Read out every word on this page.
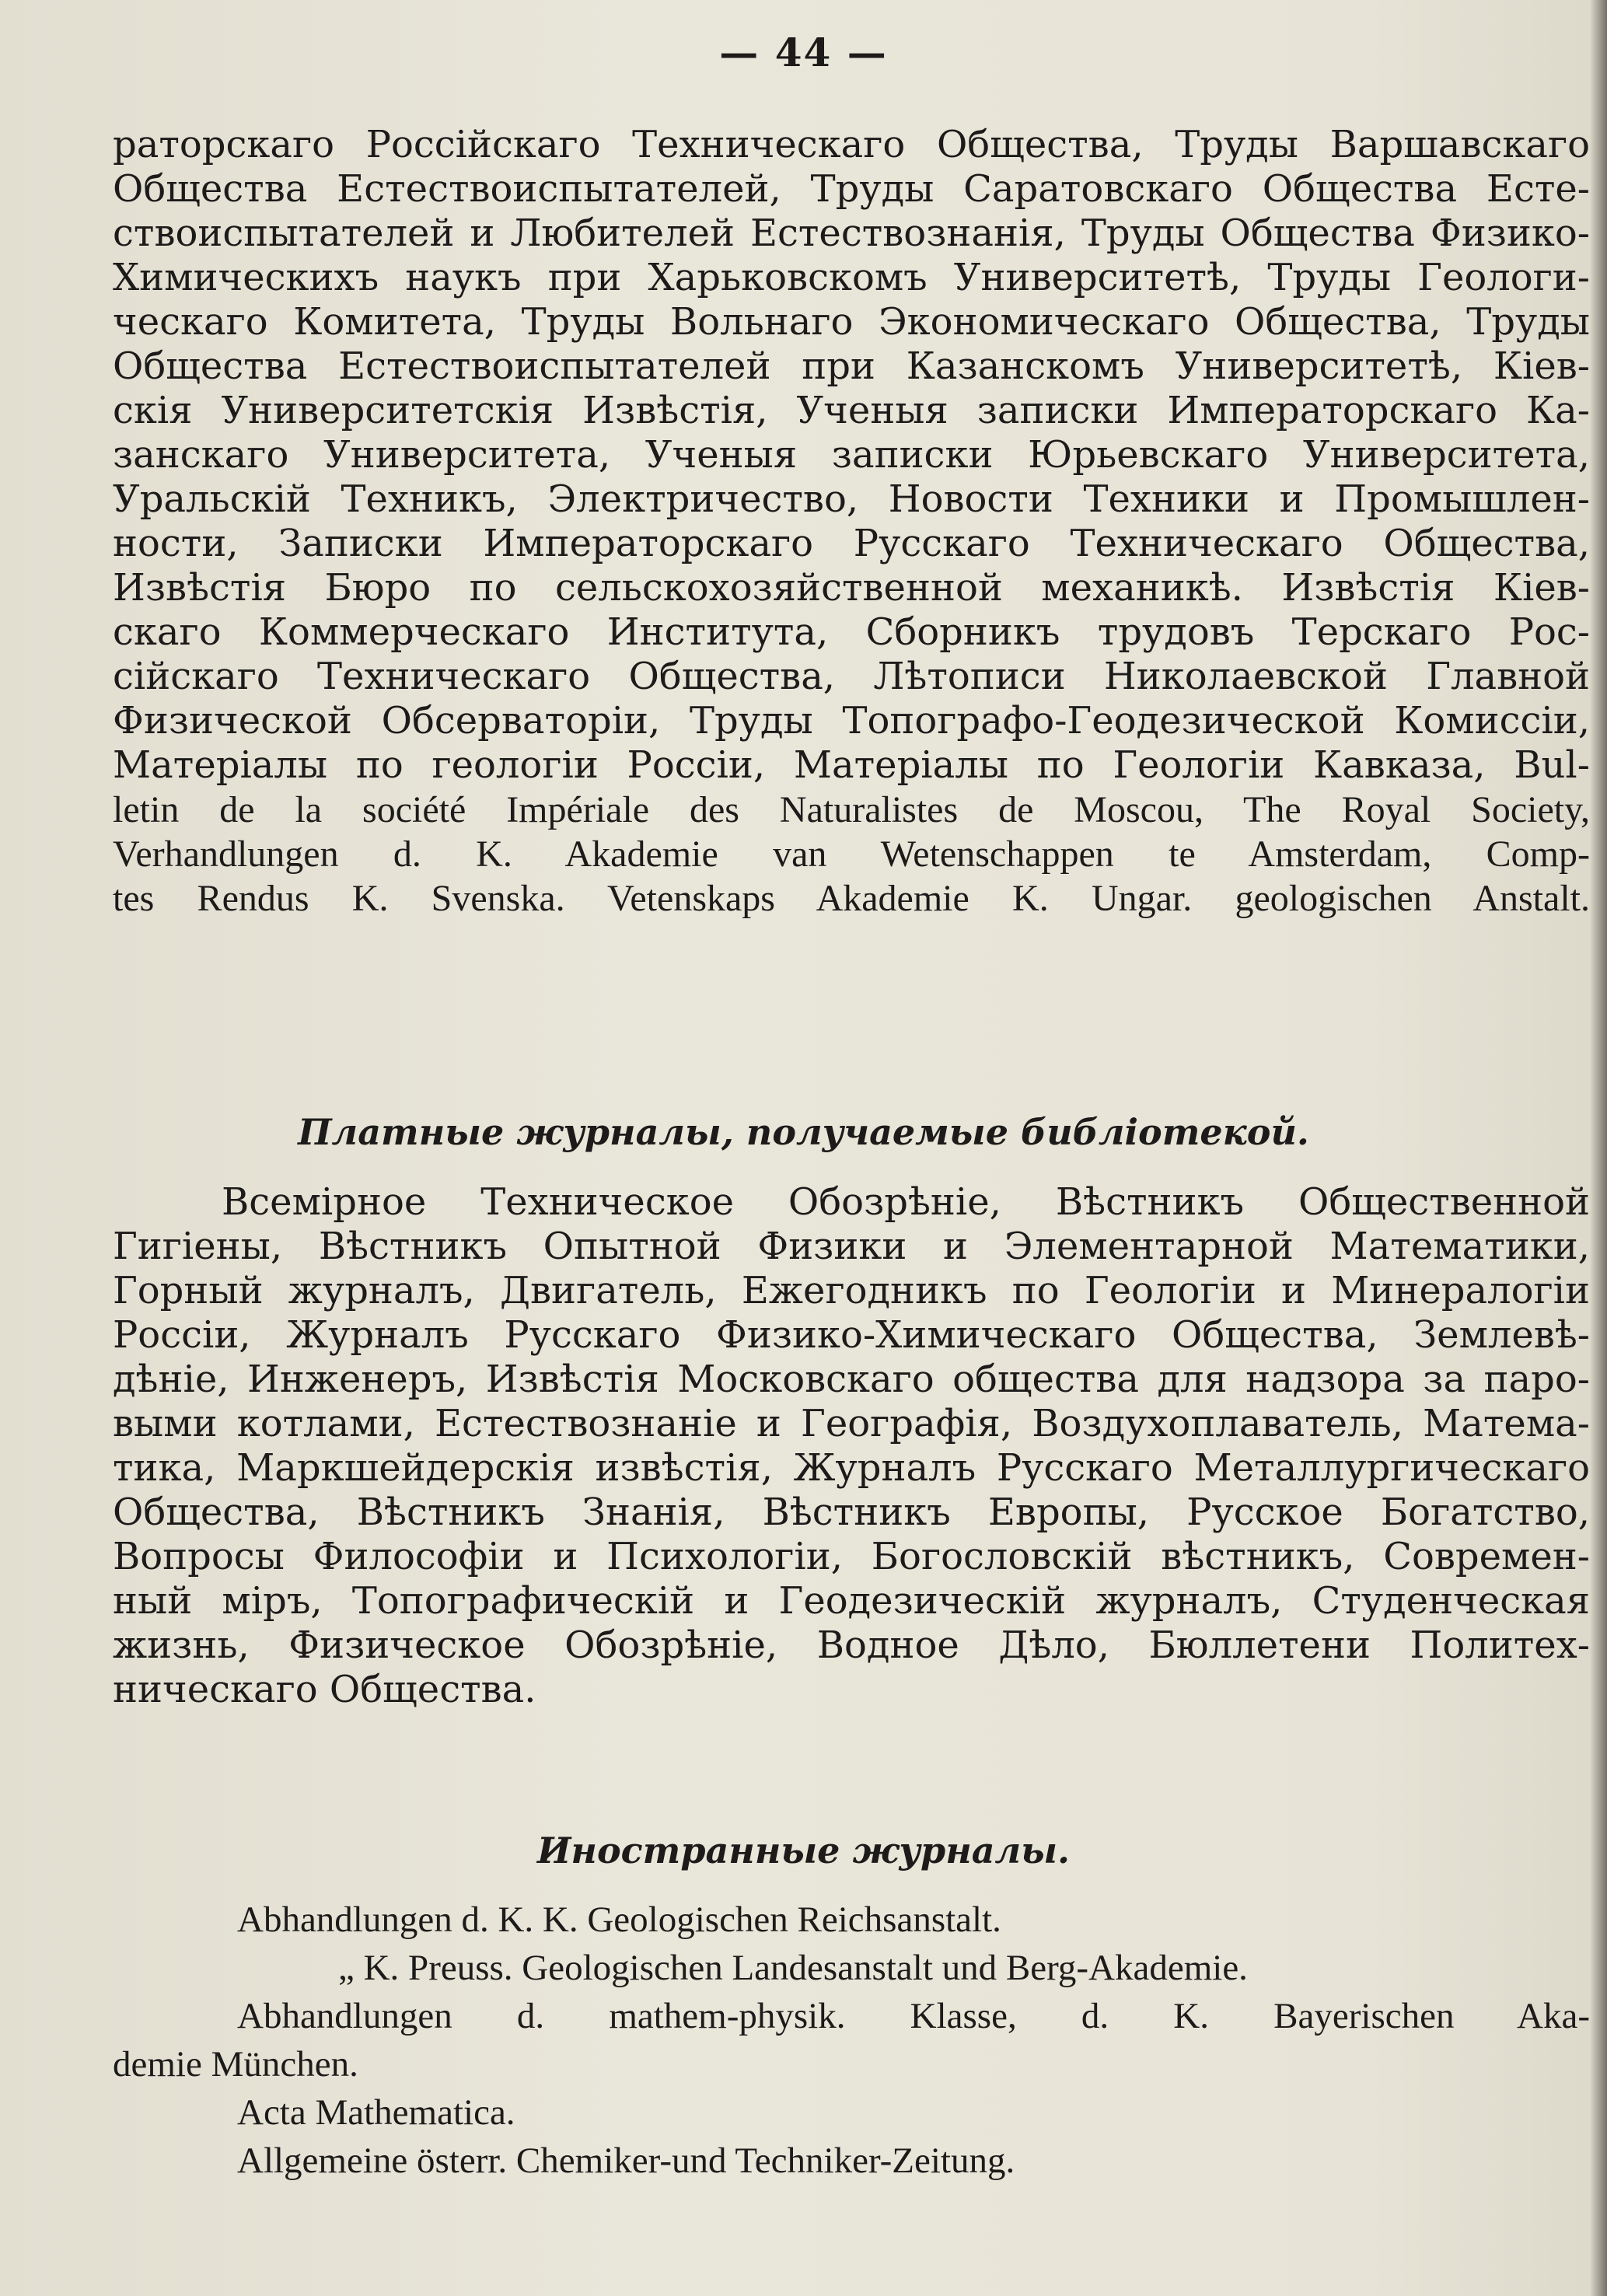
— 44 —
раторскаго Россійскаго Техническаго Общества, Труды Варшавскаго
Общества Естествоиспытателей, Труды Саратовскаго Общества Есте-
ствоиспытателей и Любителей Естествознанія, Труды Общества Физико-
Химическихъ наукъ при Харьковскомъ Университетѣ, Труды Геологи-
ческаго Комитета, Труды Вольнаго Экономическаго Общества, Труды
Общества Естествоиспытателей при Казанскомъ Университетѣ, Кіев-
скія Университетскія Извѣстія, Ученыя записки Императорскаго Ка-
занскаго Университета, Ученыя записки Юрьевскаго Университета,
Уральскій Техникъ, Электричество, Новости Техники и Промышлен-
ности, Записки Императорскаго Русскаго Техническаго Общества,
Извѣстія Бюро по сельскохозяйственной механикѣ. Извѣстія Кіев-
скаго Коммерческаго Института, Сборникъ трудовъ Терскаго Рос-
сійскаго Техническаго Общества, Лѣтописи Николаевской Главной
Физической Обсерваторіи, Труды Топографо-Геодезической Комиссіи,
Матеріалы по геологіи Россіи, Матеріалы по Геологіи Кавказа, Bul-
letin de la société Impériale des Naturalistes de Moscou, The Royal Society,
Verhandlungen d. K. Akademie van Wetenschappen te Amsterdam, Comp-
tes Rendus K. Svenska. Vetenskaps Akademie K. Ungar. geologischen Anstalt.
Платные журналы, получаемые библіотекой.
Всемірное Техническое Обозрѣніе, Вѣстникъ Общественной
Гигіены, Вѣстникъ Опытной Физики и Элементарной Математики,
Горный журналъ, Двигатель, Ежегодникъ по Геологіи и Минералогіи
Россіи, Журналъ Русскаго Физико-Химическаго Общества, Землевѣ-
дѣніе, Инженеръ, Извѣстія Московскаго общества для надзора за паро-
выми котлами, Естествознаніе и Географія, Воздухоплаватель, Матема-
тика, Маркшейдерскія извѣстія, Журналъ Русскаго Металлургическаго
Общества, Вѣстникъ Знанія, Вѣстникъ Европы, Русское Богатство,
Вопросы Философіи и Психологіи, Богословскій вѣстникъ, Современ-
ный міръ, Топографическій и Геодезическій журналъ, Студенческая
жизнь, Физическое Обозрѣніе, Водное Дѣло, Бюллетени Политех-
ническаго Общества.
Иностранные журналы.
Abhandlungen d. K. K. Geologischen Reichsanstalt.
„ K. Preuss. Geologischen Landesanstalt und Berg-Akademie.
Abhandlungen d. mathem-physik. Klasse, d. K. Bayerischen Aka-
demie München.
Acta Mathematica.
Allgemeine österr. Chemiker-und Techniker-Zeitung.
